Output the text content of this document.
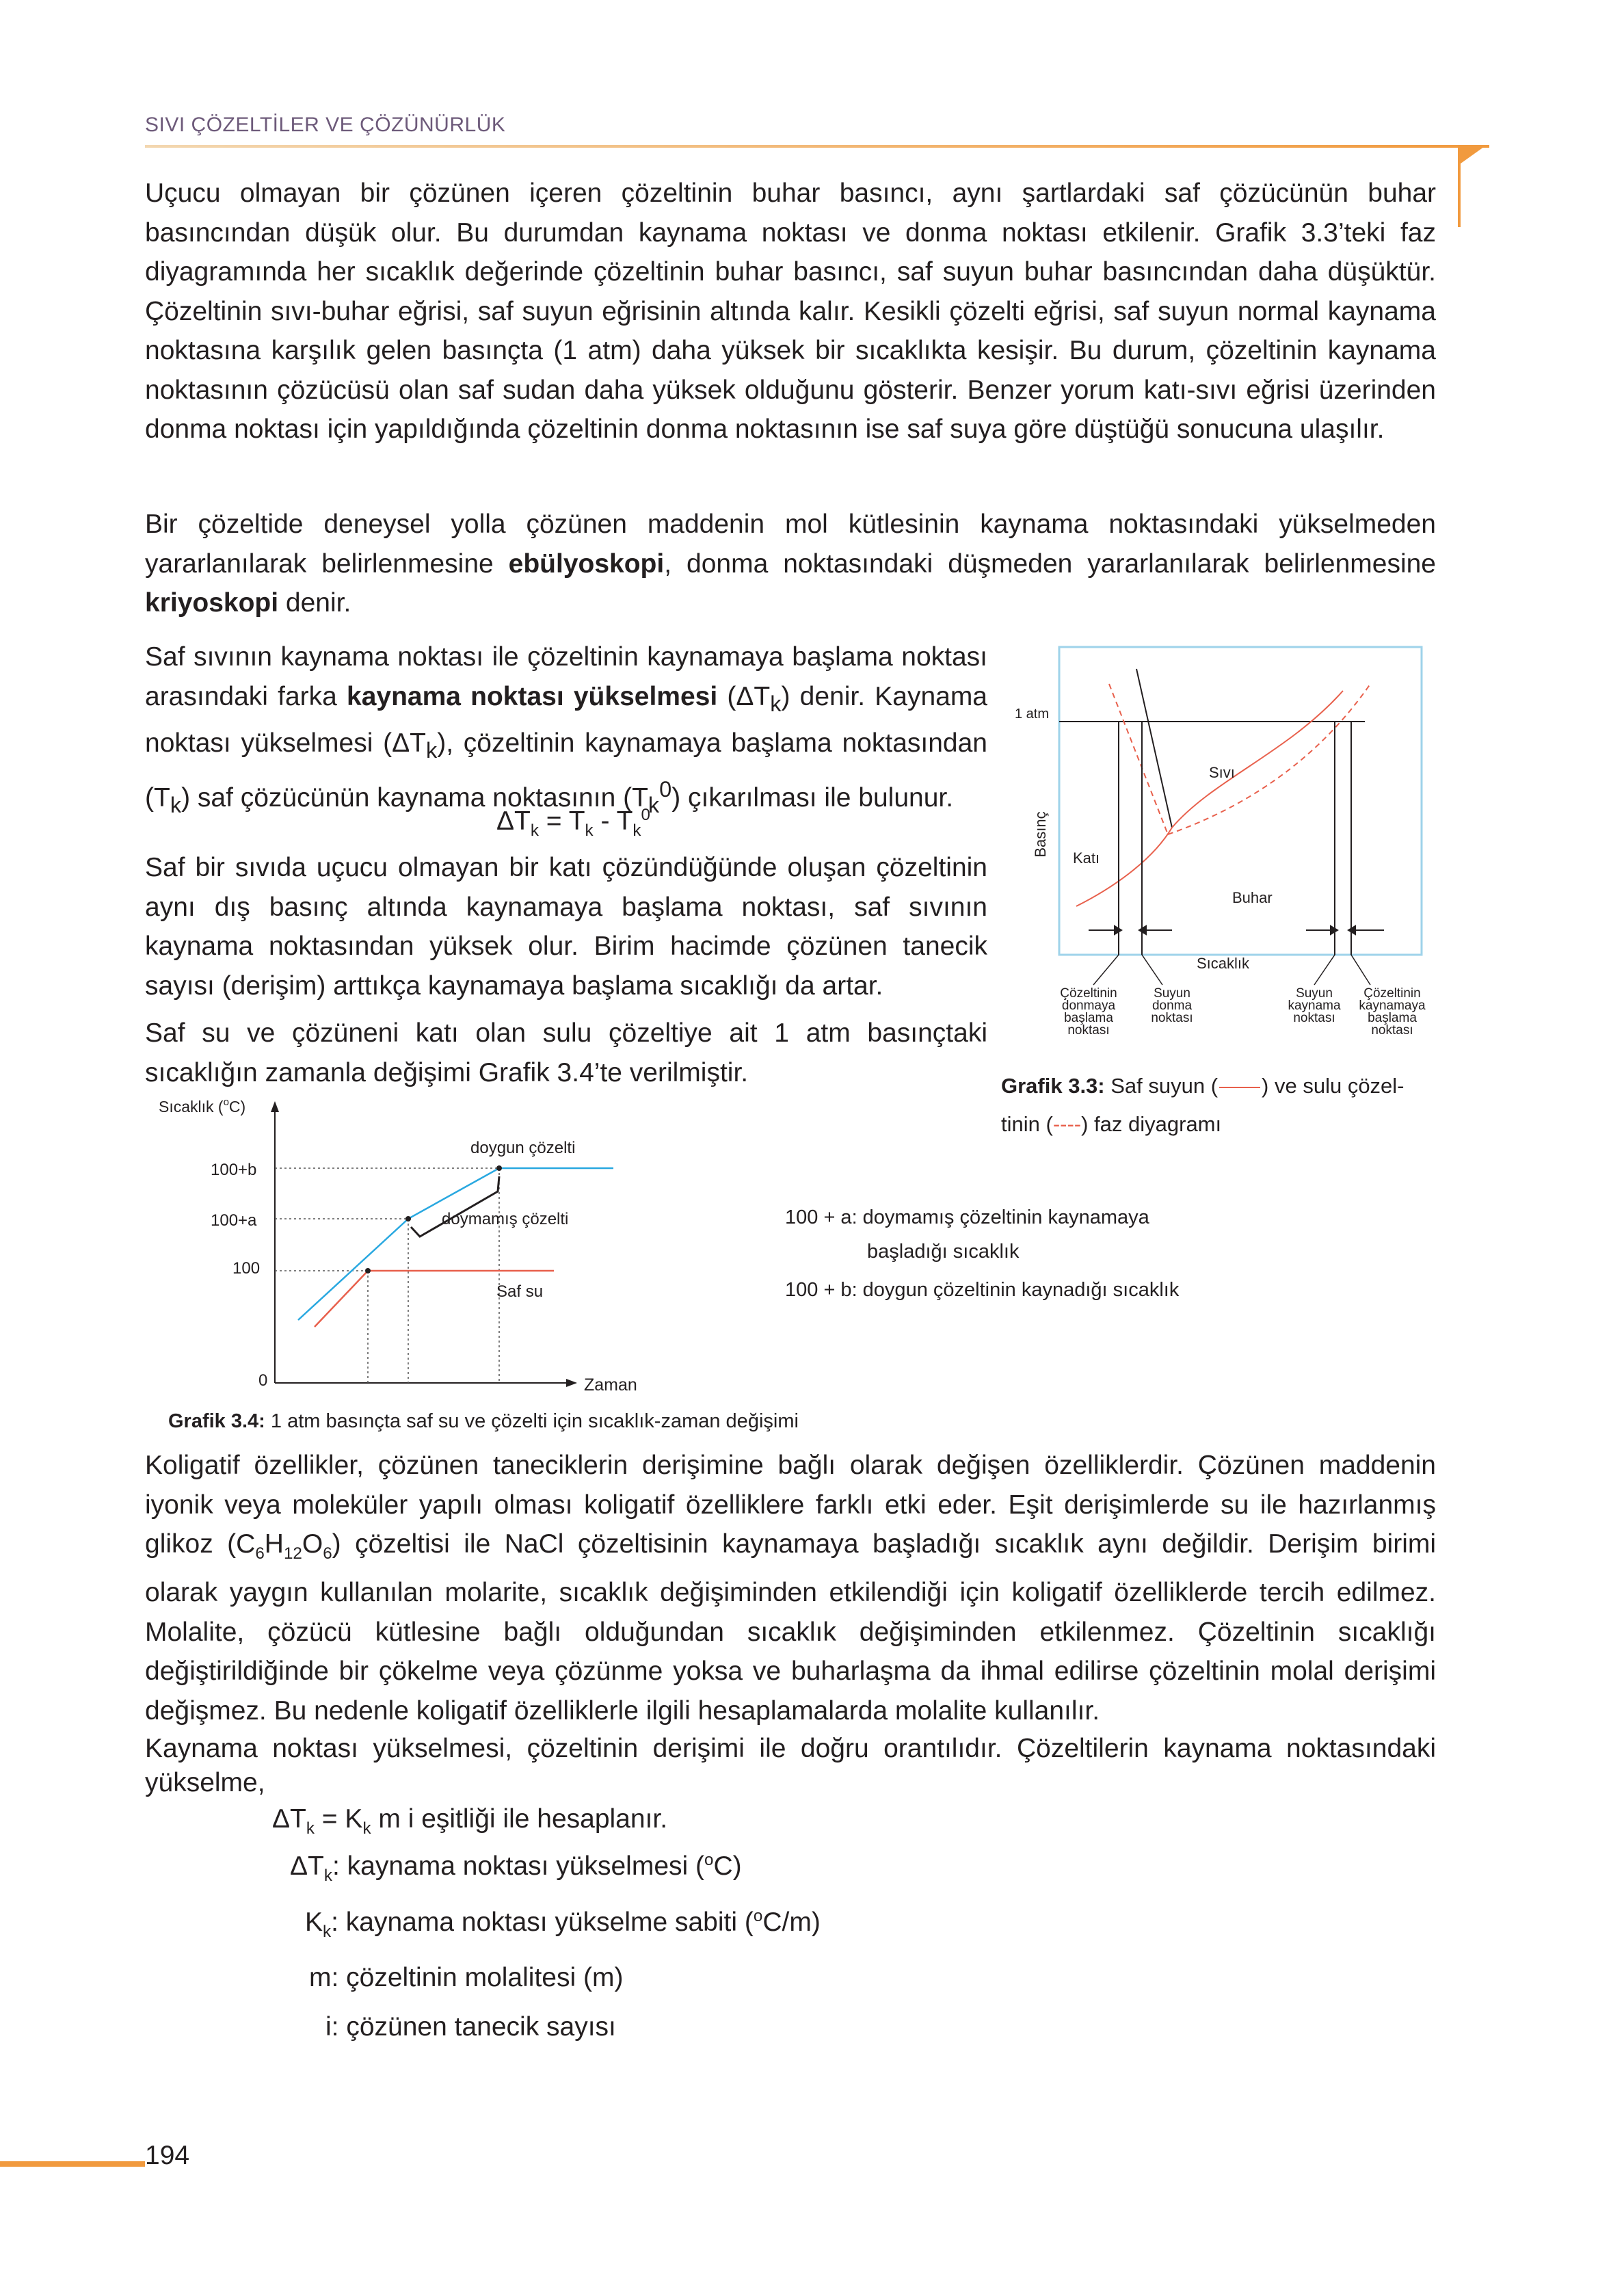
SIVI ÇÖZELTİLER VE ÇÖZÜNÜRLÜK

Uçucu olmayan bir çözünen içeren çözeltinin buhar basıncı, aynı şartlardaki saf çözücünün buhar basıncından düşük olur. Bu durumdan kaynama noktası ve donma noktası etkilenir. Grafik 3.3’teki faz diyagramında her sıcaklık değerinde çözeltinin buhar basıncı, saf suyun buhar basıncından daha düşüktür. Çözeltinin sıvı-buhar eğrisi, saf suyun eğrisinin altında kalır. Kesikli çözelti eğrisi, saf suyun normal kaynama noktasına karşılık gelen basınçta (1 atm) daha yüksek bir sıcaklıkta kesişir. Bu durum, çözeltinin kaynama noktasının çözücüsü olan saf sudan daha yüksek olduğunu gösterir. Benzer yorum katı-sıvı eğrisi üzerinden donma noktası için yapıldığında çözeltinin donma noktasının ise saf suya göre düştüğü sonucuna ulaşılır.

Bir çözeltide deneysel yolla çözünen maddenin mol kütlesinin kaynama noktasındaki yükselmeden yararlanılarak belirlenmesine ebülyoskopi, donma noktasındaki düşmeden yararlanılarak belirlenmesine kriyoskopi denir.

Saf sıvının kaynama noktası ile çözeltinin kaynamaya başlama noktası arasındaki farka kaynama noktası yükselmesi $(\Delta T_k)$ denir. Kaynama noktası yükselmesi $(\Delta T_k)$, çözeltinin kaynamaya başlama noktasından $(T_k)$ saf çözücünün kaynama noktasının $(T_k^0)$ çıkarılması ile bulunur.

$\Delta T_k = T_k - T_k^0$

Saf bir sıvıda uçucu olmayan bir katı çözündüğünde oluşan çözeltinin aynı dış basınç altında kaynamaya başlama noktası, saf sıvının kaynama noktasından yüksek olur. Birim hacimde çözünen tanecik sayısı (derişim) arttıkça kaynamaya başlama sıcaklığı da artar.

Saf su ve çözüneni katı olan sulu çözeltiye ait 1 atm basınçtaki sıcaklığın zamanla değişimi Grafik 3.4’te verilmiştir.

1 atm
Basınç
Sıvı
Katı
Buhar
Sıcaklık
Çözeltinin
donmaya
başlama
noktası
Suyun
donma
noktası
Suyun
kaynama
noktası
Çözeltinin
kaynamaya
başlama
noktası
Grafik 3.3: Saf suyun ( ) ve sulu çözel-
tinin (----) faz diyagramı
Sıcaklık ($^o$C)
Zaman
0
100+b
100+a
100
doygun çözelti
doymamış çözelti
Saf su
100 + a: doymamış çözeltinin kaynamaya
başladığı sıcaklık
100 + b: doygun çözeltinin kaynadığı sıcaklık
Grafik 3.4: 1 atm basınçta saf su ve çözelti için sıcaklık-zaman değişimi

Koligatif özellikler, çözünen taneciklerin derişimine bağlı olarak değişen özelliklerdir. Çözünen maddenin iyonik veya moleküler yapılı olması koligatif özelliklere farklı etki eder. Eşit derişimlerde su ile hazırlanmış glikoz $(C_6H_{12}O_6)$ çözeltisi ile NaCl çözeltisinin kaynamaya başladığı sıcaklık aynı değildir. Derişim birimi olarak yaygın kullanılan molarite, sıcaklık değişiminden etkilendiği için koligatif özelliklerde tercih edilmez. Molalite, çözücü kütlesine bağlı olduğundan sıcaklık değişiminden etkilenmez. Çözeltinin sıcaklığı değiştirildiğinde bir çökelme veya çözünme yoksa ve buharlaşma da ihmal edilirse çözeltinin molal derişimi değişmez. Bu nedenle koligatif özelliklerle ilgili hesaplamalarda molalite kullanılır.

Kaynama noktası yükselmesi, çözeltinin derişimi ile doğru orantılıdır. Çözeltilerin kaynama noktasındaki yükselme,

$\Delta T_k = K_k$ m i eşitliği ile hesaplanır.
$\Delta T_k$: kaynama noktası yükselmesi ($^o$C)
$K_k$: kaynama noktası yükselme sabiti ($^o$C/m)
m: çözeltinin molalitesi (m)
i: çözünen tanecik sayısı
194
